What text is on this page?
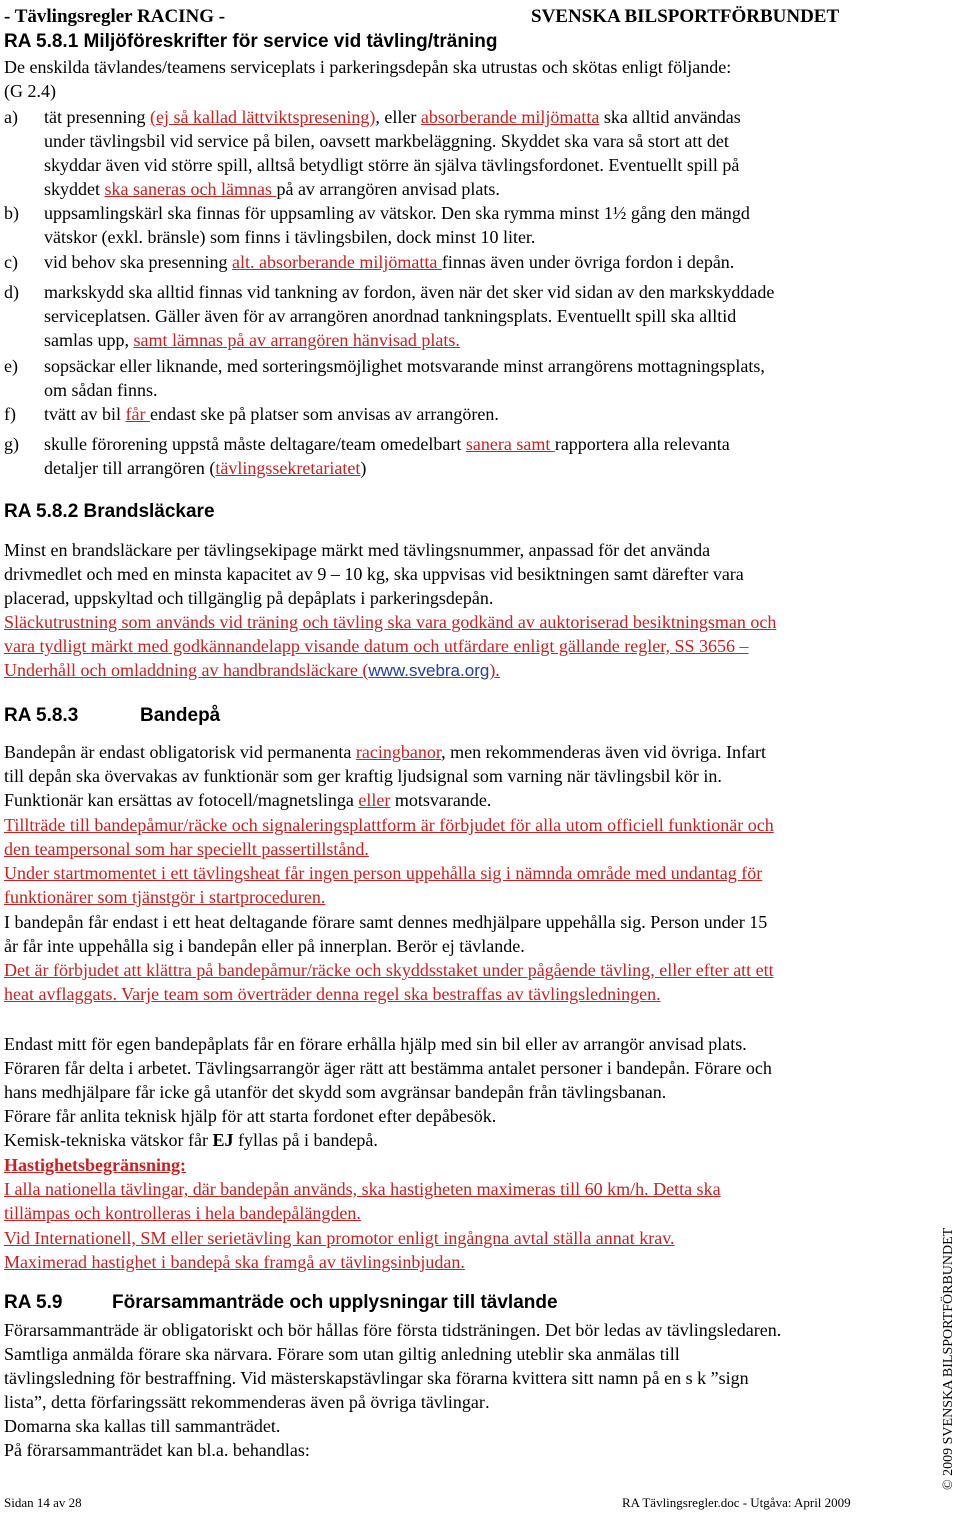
- Tävlingsregler RACING -	SVENSKA BILSPORTFÖRBUNDET
RA 5.8.1 Miljöföreskrifter för service vid tävling/träning
De enskilda tävlandes/teamens serviceplats i parkeringsdepån ska utrustas och skötas enligt följande:
(G 2.4)
a) tät presenning (ej så kallad lättviktspresening), eller absorberande miljömatta ska alltid användas
under tävlingsbil vid service på bilen, oavsett markbeläggning. Skyddet ska vara så stort att det
skyddar även vid större spill, alltså betydligt större än själva tävlingsfordonet. Eventuellt spill på
skyddet ska saneras och lämnas på av arrangören anvisad plats.
b) uppsamlingskärl ska finnas för uppsamling av vätskor. Den ska rymma minst 1½ gång den mängd
vätskor (exkl. bränsle) som finns i tävlingsbilen, dock minst 10 liter.
c) vid behov ska presenning alt. absorberande miljömatta finnas även under övriga fordon i depån.
d) markskydd ska alltid finnas vid tankning av fordon, även när det sker vid sidan av den markskyddade
serviceplatsen. Gäller även för av arrangören anordnad tankningsplats. Eventuellt spill ska alltid
samlas upp, samt lämnas på av arrangören hänvisad plats.
e) sopsäckar eller liknande, med sorteringsmöjlighet motsvarande minst arrangörens mottagningsplats,
om sådan finns.
f) tvätt av bil får endast ske på platser som anvisas av arrangören.
g) skulle förorening uppstå måste deltagare/team omedelbart sanera samt rapportera alla relevanta
detaljer till arrangören (tävlingssekretariatet)
RA 5.8.2 Brandsläckare
Minst en brandsläckare per tävlingsekipage märkt med tävlingsnummer, anpassad för det använda
drivmedlet och med en minsta kapacitet av 9 – 10 kg, ska uppvisas vid besiktningen samt därefter vara
placerad, uppskyltad och tillgänglig på depåplats i parkeringsdepån.
Släckutrustning som används vid träning och tävling ska vara godkänd av auktoriserad besiktningsman och
vara tydligt märkt med godkännandelapp visande datum och utfärdare enligt gällande regler, SS 3656 –
Underhåll och omladdning av handbrandsläckare (www.svebra.org).
RA 5.8.3	Bandepå
Bandepån är endast obligatorisk vid permanenta racingbanor, men rekommenderas även vid övriga. Infart
till depån ska övervakas av funktionär som ger kraftig ljudsignal som varning när tävlingsbil kör in.
Funktionär kan ersättas av fotocell/magnetslinga eller motsvarande.
Tillträde till bandepåmur/räcke och signaleringsplattform är förbjudet för alla utom officiell funktionär och
den teampersonal som har speciellt passertillstånd.
Under startmomentet i ett tävlingsheat får ingen person uppehålla sig i nämnda område med undantag för
funktionärer som tjänstgör i startproceduren.
I bandepån får endast i ett heat deltagande förare samt dennes medhjälpare uppehålla sig. Person under 15
år får inte uppehålla sig i bandepån eller på innerplan. Berör ej tävlande.
Det är förbjudet att klättra på bandepåmur/räcke och skyddsstaket under pågående tävling, eller efter att ett
heat avflaggats. Varje team som överträder denna regel ska bestraffas av tävlingsledningen.
Endast mitt för egen bandepåplats får en förare erhålla hjälp med sin bil eller av arrangör anvisad plats.
Föraren får delta i arbetet. Tävlingsarrangör äger rätt att bestämma antalet personer i bandepån. Förare och
hans medhjälpare får icke gå utanför det skydd som avgränsar bandepån från tävlingsbanan.
Förare får anlita teknisk hjälp för att starta fordonet efter depåbesök.
Kemisk-tekniska vätskor får EJ fyllas på i bandepå.
Hastighetsbegränsning:
I alla nationella tävlingar, där bandepån används, ska hastigheten maximeras till 60 km/h. Detta ska
tillämpas och kontrolleras i hela bandepålängden.
Vid Internationell, SM eller serietävling kan promotor enligt ingångna avtal ställa annat krav.
Maximerad hastighet i bandepå ska framgå av tävlingsinbjudan.
RA 5.9	Förarsammanträde och upplysningar till tävlande
Förarsammanträde är obligatoriskt och bör hållas före första tidsträningen. Det bör ledas av tävlingsledaren.
Samtliga anmälda förare ska närvara. Förare som utan giltig anledning uteblir ska anmälas till
tävlingsledning för bestraffning. Vid mästerskapstävlingar ska förarna kvittera sitt namn på en s k ”sign
lista”, detta förfaringssätt rekommenderas även på övriga tävlingar.
Domarna ska kallas till sammanträdet.
På förarsammanträdet kan bl.a. behandlas:
Sidan 14 av 28	RA Tävlingsregler.doc - Utgåva: April 2009
© 2009 SVENSKA BILSPORTFÖRBUNDET
